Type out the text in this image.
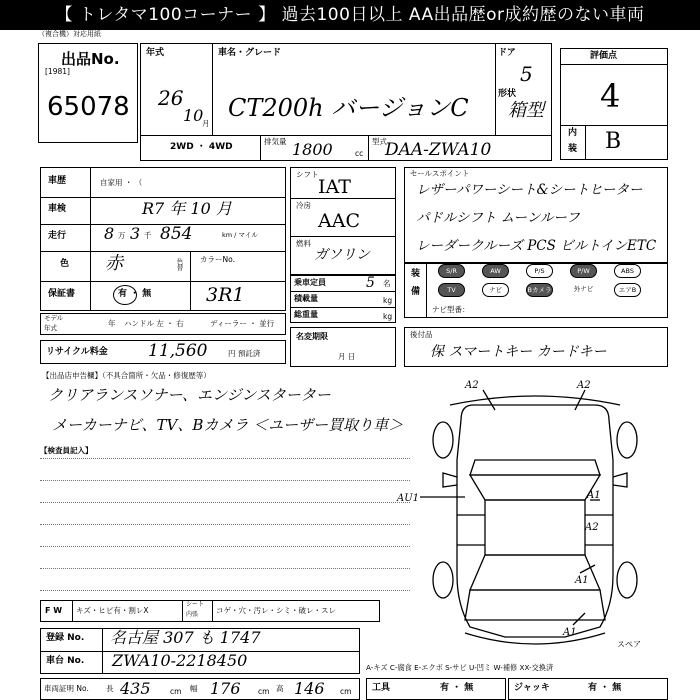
【 トレタマ100コーナー 】 過去100日以上 AA出品歴or成約歴のない車両
（複合機）対応用紙
出品No.
[1981]
65078
年式
26
10
月
車名・グレード
CT200h バージョンC
ドア
5
形状
箱型
2WD ・ 4WD
排気量 1800	cc
型式
DAA-ZWA10
評価点
4
内
装 B
車歴	自家用 ・ （
車検	R7 年 10 月
走行 8 万 3 千 854	km / マイル
色 赤	色替 カラーNo.
保証書	有 ・ 無	3R1
モデル
年式	年 ハンドル 左 ・ 右	ディーラー ・ 並行
リサイクル料金 11,560	円 預託済
シフト
IAT
冷房
AAC
燃料
ガソリン
乗車定員	5 名
積載量	kg
総重量	kg
名変期限
月 日
セールスポイント
レザーパワーシート&シートヒーター
パドルシフト ムーンルーフ
レーダークルーズ PCS ビルトインETC
装
備
S/R	AW	P/S	P/W	ABS
TV	ナビ	Bカメラ	外ナビ	エアB
ナビ型番：
後付品
保 スマートキー カードキー
【出品店申告欄】（不具合箇所・欠品・修復歴等）
クリアランスソナー、エンジンスターター
メーカーナビ、TV、Bカメラ ＜ユーザー買取り車＞
【検査員記入】
A2	A2
AU1	A1
A2
A1
A1
スペア
F W キズ・ヒビ有・割レX
シート
内張 コゲ・穴・汚レ・シミ・破レ・スレ
登録 No. 名古屋 307 も 1747
車台 No. ZWA10-2218450	A-キズ C-腐食 E-エクボ S-サビ U-凹ミ W-補修 XX-交換済
車両証明 No. 長 435	cm 幅 176 cm 高 146 cm 工具	有 ・ 無	ジャッキ	有 ・ 無
